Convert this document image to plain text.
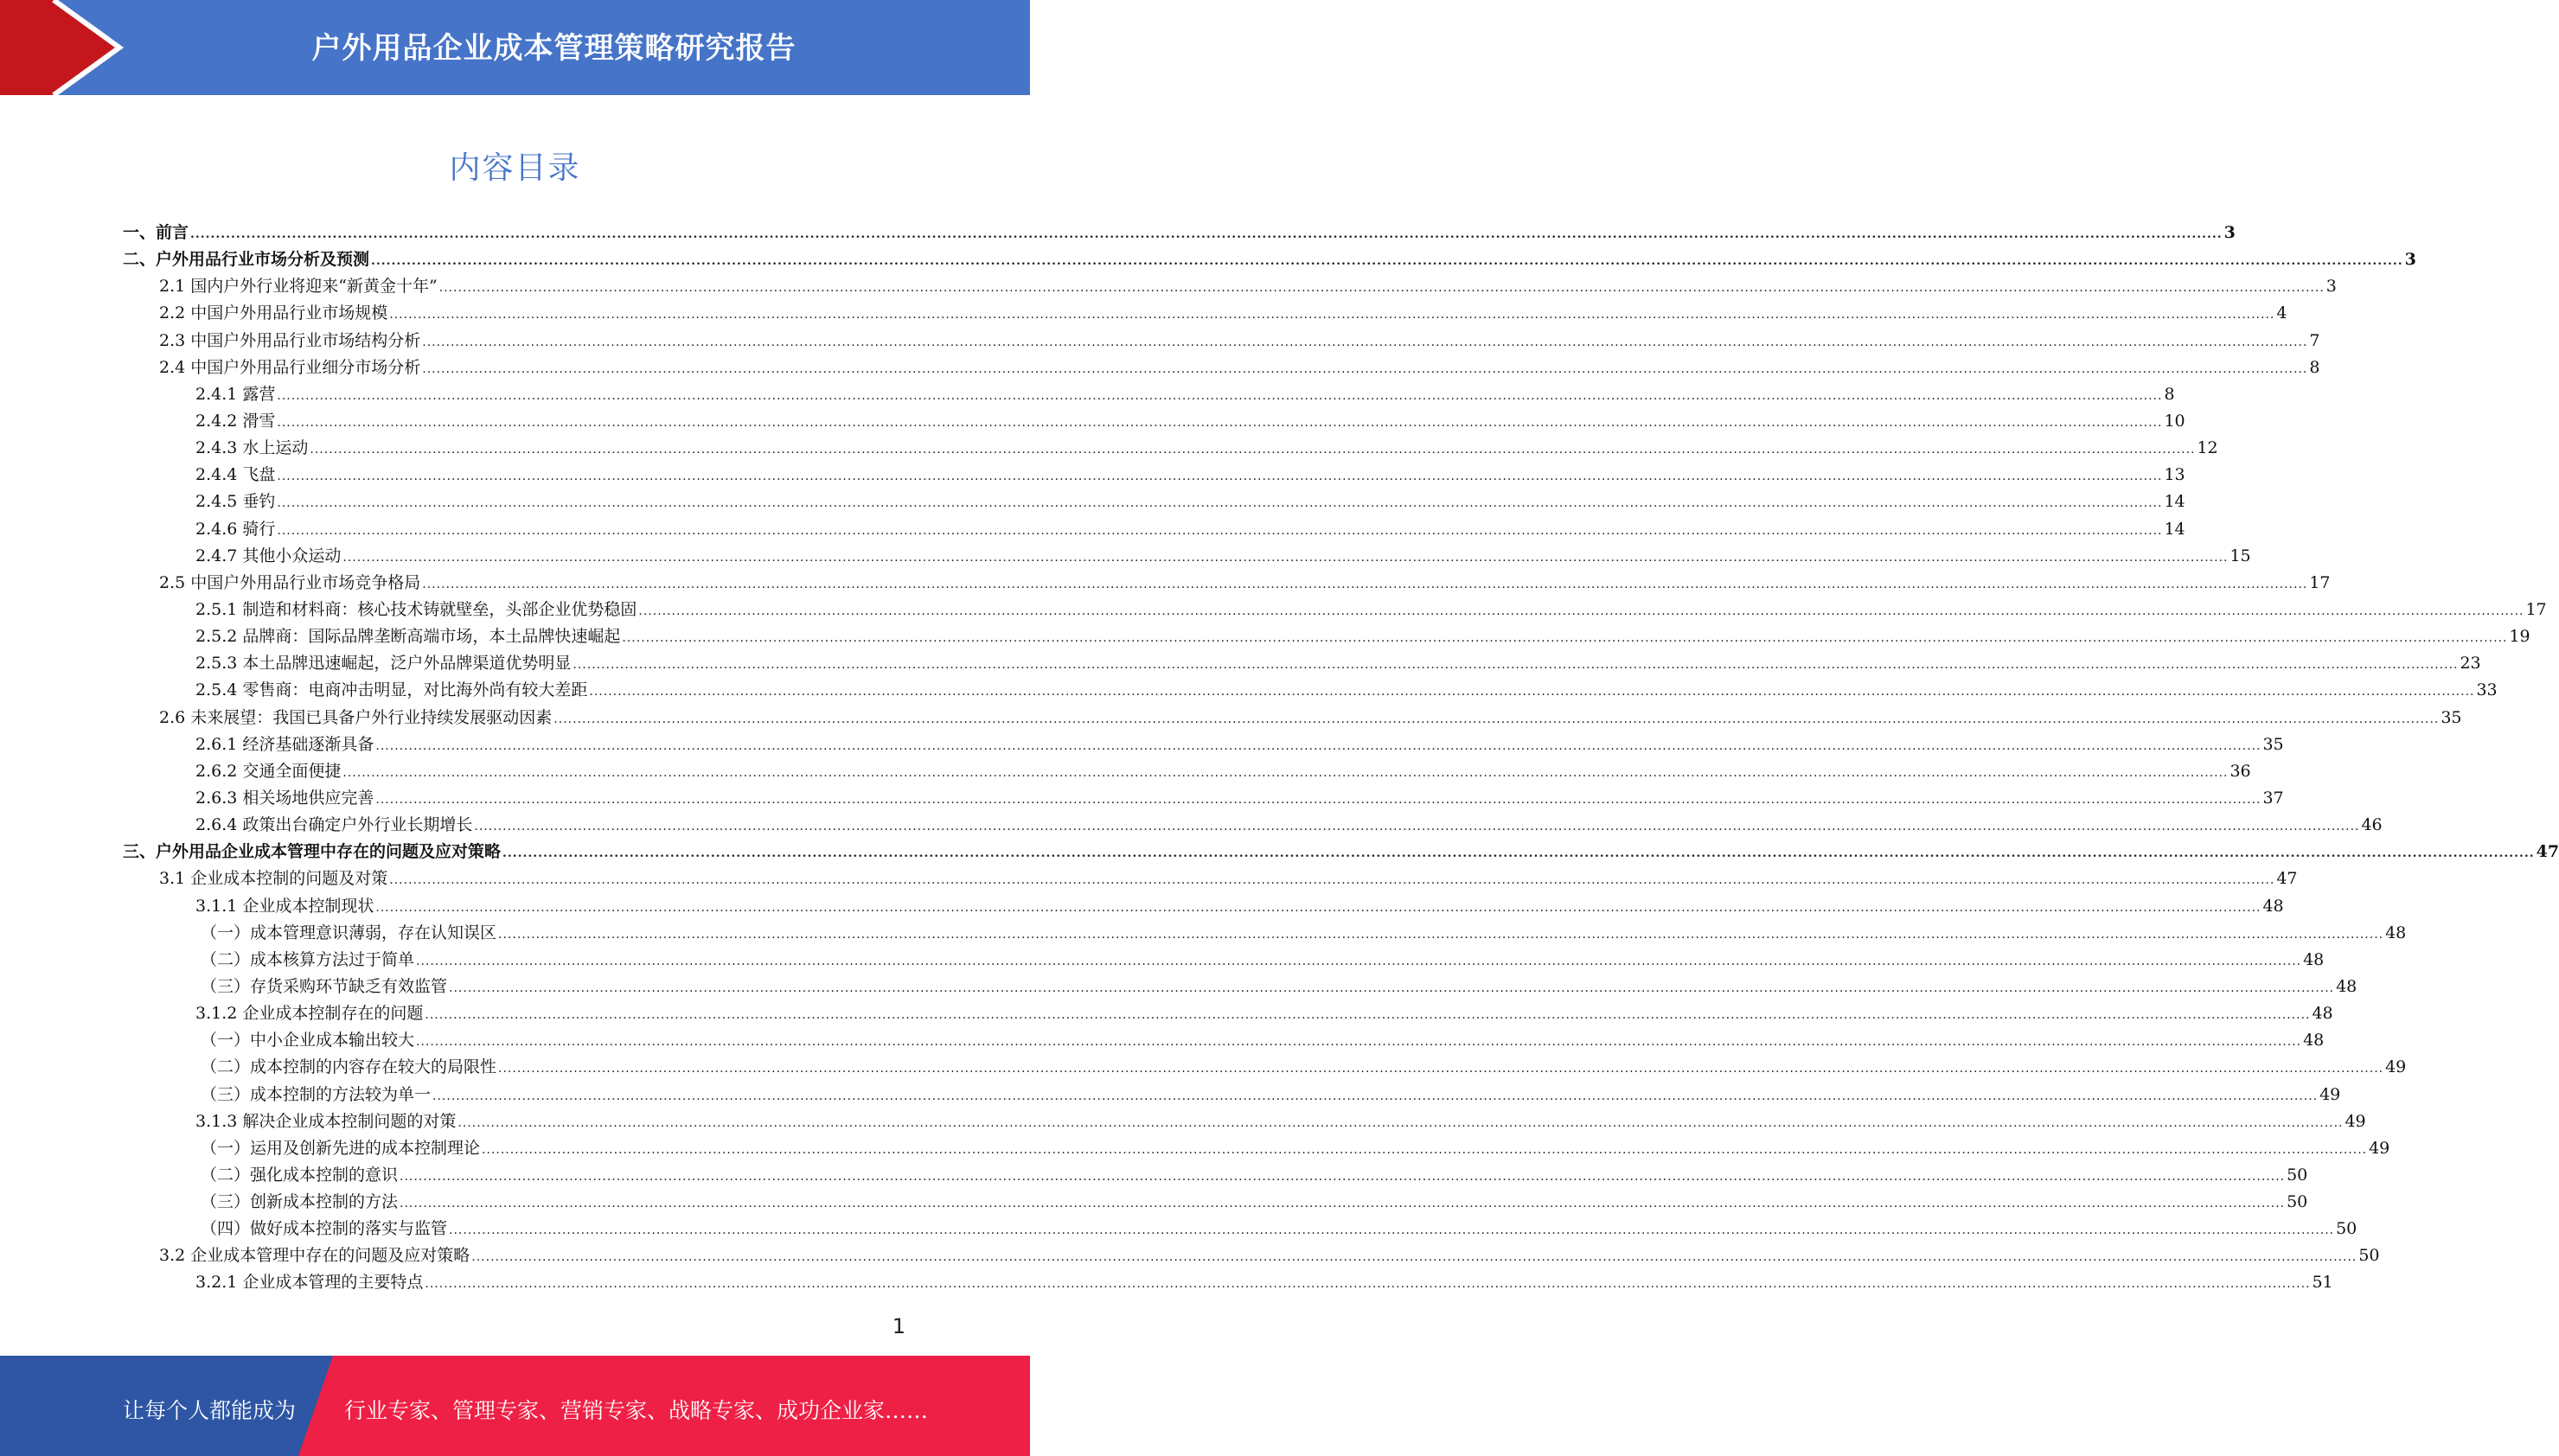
户外用品企业成本管理策略研究报告
内容目录
一、前言 ................................................................................................................................................................................................................................................................................................................................................................................................................ 3
二、户外用品行业市场分析及预测 ................................................................................................................................................................................................................................................................................................................................................................................................................ 3
2.1 国内户外行业将迎来“新黄金十年” ................................................................................................................................................................................................................................................................................................................................................................................................................ 3
2.2 中国户外用品行业市场规模 ................................................................................................................................................................................................................................................................................................................................................................................................................ 4
2.3 中国户外用品行业市场结构分析 ................................................................................................................................................................................................................................................................................................................................................................................................................ 7
2.4 中国户外用品行业细分市场分析 ................................................................................................................................................................................................................................................................................................................................................................................................................ 8
2.4.1 露营 ................................................................................................................................................................................................................................................................................................................................................................................................................ 8
2.4.2 滑雪 ................................................................................................................................................................................................................................................................................................................................................................................................................ 10
2.4.3 水上运动 ................................................................................................................................................................................................................................................................................................................................................................................................................ 12
2.4.4 飞盘 ................................................................................................................................................................................................................................................................................................................................................................................................................ 13
2.4.5 垂钓 ................................................................................................................................................................................................................................................................................................................................................................................................................ 14
2.4.6 骑行 ................................................................................................................................................................................................................................................................................................................................................................................................................ 14
2.4.7 其他小众运动 ................................................................................................................................................................................................................................................................................................................................................................................................................ 15
2.5 中国户外用品行业市场竞争格局 ................................................................................................................................................................................................................................................................................................................................................................................................................ 17
2.5.1 制造和材料商：核心技术铸就壁垒，头部企业优势稳固 ................................................................................................................................................................................................................................................................................................................................................................................................................ 17
2.5.2 品牌商：国际品牌垄断高端市场，本土品牌快速崛起 ................................................................................................................................................................................................................................................................................................................................................................................................................ 19
2.5.3 本土品牌迅速崛起，泛户外品牌渠道优势明显 ................................................................................................................................................................................................................................................................................................................................................................................................................ 23
2.5.4 零售商：电商冲击明显，对比海外尚有较大差距 ................................................................................................................................................................................................................................................................................................................................................................................................................ 33
2.6 未来展望：我国已具备户外行业持续发展驱动因素 ................................................................................................................................................................................................................................................................................................................................................................................................................ 35
2.6.1 经济基础逐渐具备 ................................................................................................................................................................................................................................................................................................................................................................................................................ 35
2.6.2 交通全面便捷 ................................................................................................................................................................................................................................................................................................................................................................................................................ 36
2.6.3 相关场地供应完善 ................................................................................................................................................................................................................................................................................................................................................................................................................ 37
2.6.4 政策出台确定户外行业长期增长 ................................................................................................................................................................................................................................................................................................................................................................................................................ 46
三、户外用品企业成本管理中存在的问题及应对策略 ................................................................................................................................................................................................................................................................................................................................................................................................................ 47
3.1 企业成本控制的问题及对策 ................................................................................................................................................................................................................................................................................................................................................................................................................ 47
3.1.1 企业成本控制现状 ................................................................................................................................................................................................................................................................................................................................................................................................................ 48
（一）成本管理意识薄弱，存在认知误区 ................................................................................................................................................................................................................................................................................................................................................................................................................ 48
（二）成本核算方法过于简单 ................................................................................................................................................................................................................................................................................................................................................................................................................ 48
（三）存货采购环节缺乏有效监管 ................................................................................................................................................................................................................................................................................................................................................................................................................ 48
3.1.2 企业成本控制存在的问题 ................................................................................................................................................................................................................................................................................................................................................................................................................ 48
（一）中小企业成本输出较大 ................................................................................................................................................................................................................................................................................................................................................................................................................ 48
（二）成本控制的内容存在较大的局限性 ................................................................................................................................................................................................................................................................................................................................................................................................................ 49
（三）成本控制的方法较为单一 ................................................................................................................................................................................................................................................................................................................................................................................................................ 49
3.1.3 解决企业成本控制问题的对策 ................................................................................................................................................................................................................................................................................................................................................................................................................ 49
（一）运用及创新先进的成本控制理论 ................................................................................................................................................................................................................................................................................................................................................................................................................ 49
（二）强化成本控制的意识 ................................................................................................................................................................................................................................................................................................................................................................................................................ 50
（三）创新成本控制的方法 ................................................................................................................................................................................................................................................................................................................................................................................................................ 50
（四）做好成本控制的落实与监管 ................................................................................................................................................................................................................................................................................................................................................................................................................ 50
3.2 企业成本管理中存在的问题及应对策略 ................................................................................................................................................................................................................................................................................................................................................................................................................ 50
3.2.1 企业成本管理的主要特点 ................................................................................................................................................................................................................................................................................................................................................................................................................ 51
1
让每个人都能成为 行业专家、管理专家、营销专家、战略专家、成功企业家……
